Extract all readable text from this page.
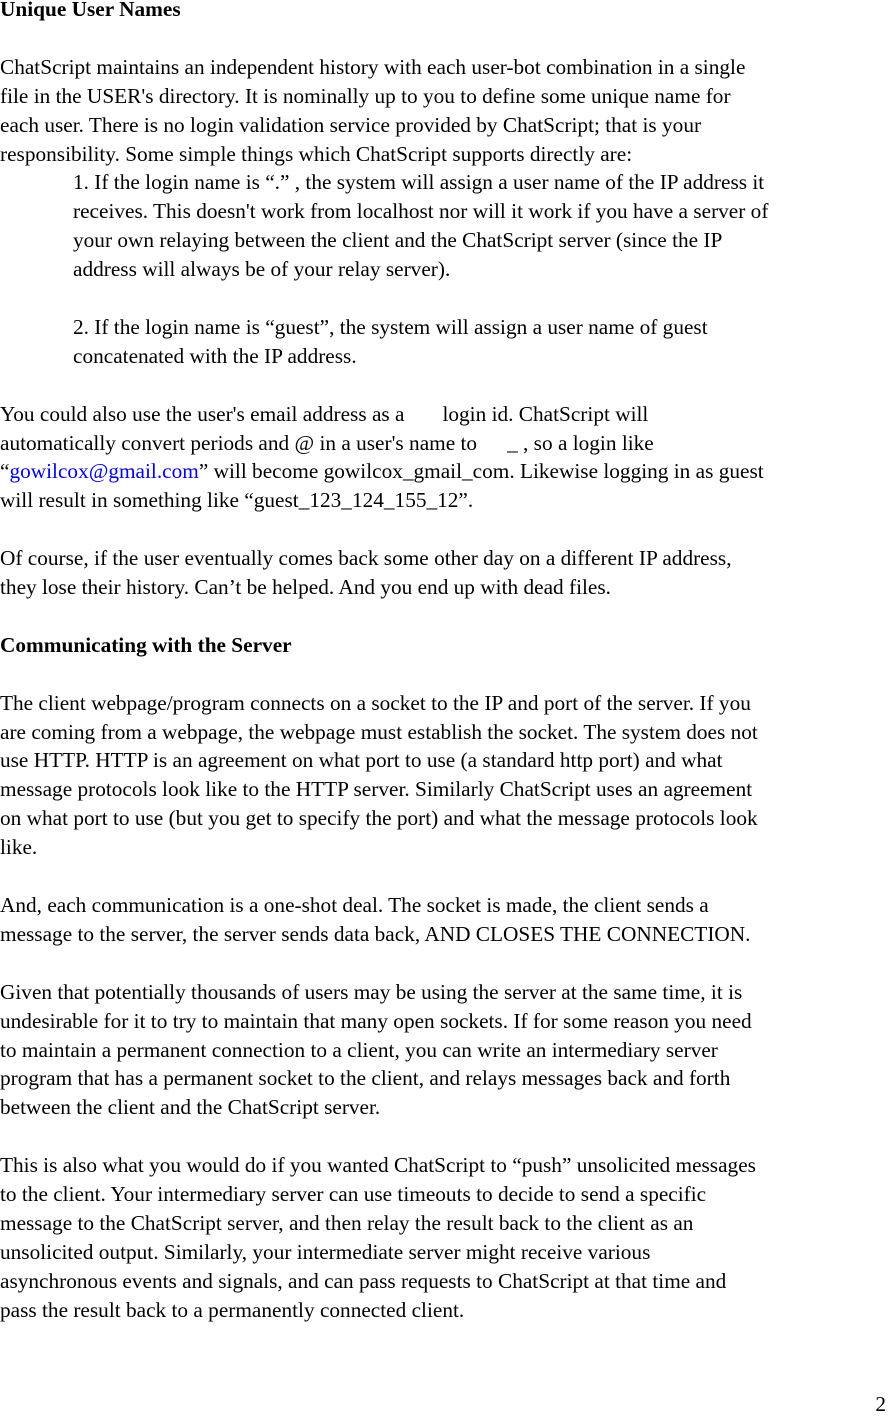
Unique User Names

ChatScript maintains an independent history with each user-bot combination in a single

file in the USER's directory. It is nominally up to you to define some unique name for

each user. There is no login validation service provided by ChatScript; that is your

responsibility. Some simple things which ChatScript supports directly are:

1. If the login name is “.” , the system will assign a user name of the IP address it

receives. This doesn't work from localhost nor will it work if you have a server of

your own relaying between the client and the ChatScript server (since the IP

address will always be of your relay server).

2. If the login name is “guest”, the system will assign a user name of guest

concatenated with the IP address.

You could also use the user's email address as a login id. ChatScript will

automatically convert periods and @ in a user's name to _ , so a login like

“gowilcox@gmail.com” will become gowilcox_gmail_com. Likewise logging in as guest

will result in something like “guest_123_124_155_12”.

Of course, if the user eventually comes back some other day on a different IP address,

they lose their history. Can’t be helped. And you end up with dead files.

Communicating with the Server

The client webpage/program connects on a socket to the IP and port of the server. If you

are coming from a webpage, the webpage must establish the socket. The system does not

use HTTP. HTTP is an agreement on what port to use (a standard http port) and what

message protocols look like to the HTTP server. Similarly ChatScript uses an agreement

on what port to use (but you get to specify the port) and what the message protocols look

like.

And, each communication is a one-shot deal. The socket is made, the client sends a

message to the server, the server sends data back, AND CLOSES THE CONNECTION.

Given that potentially thousands of users may be using the server at the same time, it is

undesirable for it to try to maintain that many open sockets. If for some reason you need

to maintain a permanent connection to a client, you can write an intermediary server

program that has a permanent socket to the client, and relays messages back and forth

between the client and the ChatScript server.

This is also what you would do if you wanted ChatScript to “push” unsolicited messages

to the client. Your intermediary server can use timeouts to decide to send a specific

message to the ChatScript server, and then relay the result back to the client as an

unsolicited output. Similarly, your intermediate server might receive various

asynchronous events and signals, and can pass requests to ChatScript at that time and

pass the result back to a permanently connected client.

2
